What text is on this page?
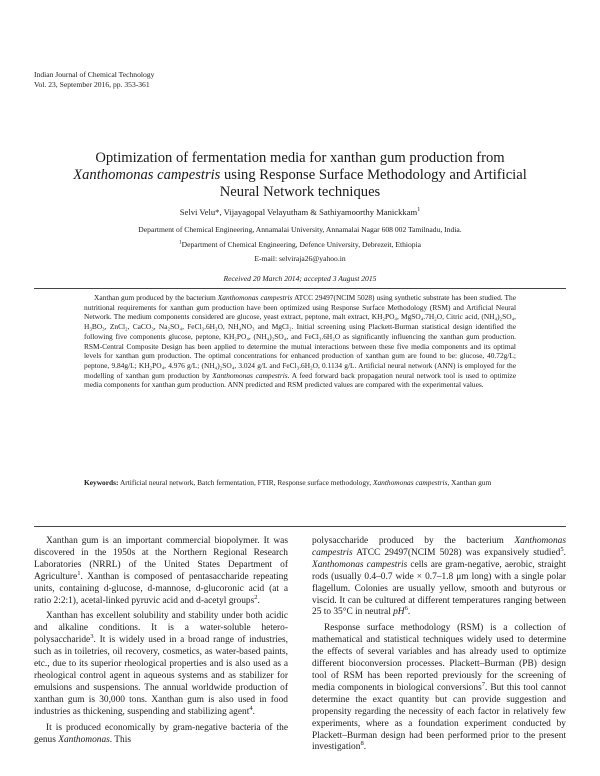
Indian Journal of Chemical Technology
Vol. 23, September 2016, pp. 353-361
Optimization of fermentation media for xanthan gum production from
Xanthomonas campestris using Response Surface Methodology and Artificial Neural Network techniques
Selvi Velu*, Vijayagopal Velayutham & Sathiyamoorthy Manickkam$^1$
Department of Chemical Engineering, Annamalai University, Annamalai Nagar 608 002 Tamilnadu, India.
$^1$Department of Chemical Engineering, Defence University, Debrezeit, Ethiopia
E-mail: selviraja26@yahoo.in
Received 20 March 2014; accepted 3 August 2015
Xanthan gum produced by the bacterium Xanthomonas campestris ATCC 29497(NCIM 5028) using synthetic substrate has been studied. The nutritional requirements for xanthan gum production have been optimized using Response Surface Methodology (RSM) and Artificial Neural Network. The medium components considered are glucose, yeast extract, peptone, malt extract, KH₂PO₄, MgSO₄.7H₂O, Citric acid, (NH₄)₂SO₄, H₃BO₃, ZnCl₂, CaCO₃, Na₂SO₄, FeCl₃.6H₂O, NH₄NO₃ and MgCl₂. Initial screening using Plackett-Burman statistical design identified the following five components glucose, peptone, KH₂PO₄, (NH₄)₂SO₄, and FeCl₃.6H₂O as significantly influencing the xanthan gum production. RSM-Central Composite Design has been applied to determine the mutual interactions between these five media components and its optimal levels for xanthan gum production. The optimal concentrations for enhanced production of xanthan gum are found to be: glucose, 40.72g/L; peptone, 9.84g/L; KH₂PO₄, 4.976 g/L; (NH₄)₂SO₄, 3.024 g/L and FeCl₃.6H₂O, 0.1134 g/L. Artificial neural network (ANN) is employed for the modelling of xanthan gum production by Xanthomonas campestris. A feed forward back propagation neural network tool is used to optimize media components for xanthan gum production. ANN predicted and RSM predicted values are compared with the experimental values.
Keywords: Artificial neural network, Batch fermentation, FTIR, Response surface methodology, Xanthomonas campestris, Xanthan gum

Xanthan gum is an important commercial biopolymer. It was discovered in the 1950s at the Northern Regional Research Laboratories (NRRL) of the United States Department of Agriculture$^1$. Xanthan is composed of pentasaccharide repeating units, containing d-glucose, d-mannose, d-glucoronic acid (at a ratio 2:2:1), acetal-linked pyruvic acid and d-acetyl groups$^2$.

Xanthan has excellent solubility and stability under both acidic and alkaline conditions. It is a water-soluble hetero-polysaccharide$^3$. It is widely used in a broad range of industries, such as in toiletries, oil recovery, cosmetics, as water-based paints, etc., due to its superior rheological properties and is also used as a rheological control agent in aqueous systems and as stabilizer for emulsions and suspensions. The annual worldwide production of xanthan gum is 30,000 tons. Xanthan gum is also used in food industries as thickening, suspending and stabilizing agent$^4$.

It is produced economically by gram-negative bacteria of the genus Xanthomonas. This

polysaccharide produced by the bacterium Xanthomonas campestris ATCC 29497(NCIM 5028) was expansively studied$^5$. Xanthomonas campestris cells are gram-negative, aerobic, straight rods (usually 0.4–0.7 wide × 0.7–1.8 μm long) with a single polar flagellum. Colonies are usually yellow, smooth and butyrous or viscid. It can be cultured at different temperatures ranging between 25 to 35°C in neutral $pH^6$.

Response surface methodology (RSM) is a collection of mathematical and statistical techniques widely used to determine the effects of several variables and has already used to optimize different bioconversion processes. Plackett–Burman (PB) design tool of RSM has been reported previously for the screening of media components in biological conversions$^7$. But this tool cannot determine the exact quantity but can provide suggestion and propensity regarding the necessity of each factor in relatively few experiments, where as a foundation experiment conducted by Plackett–Burman design had been performed prior to the present investigation$^8$.
